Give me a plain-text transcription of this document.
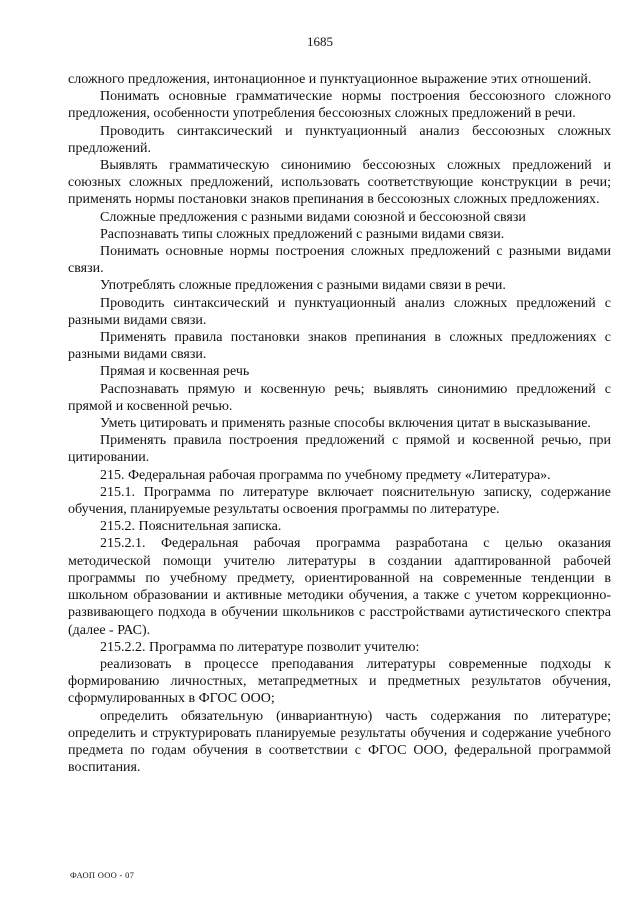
1685

сложного предложения, интонационное и пунктуационное выражение этих отношений.

Понимать основные грамматические нормы построения бессоюзного сложного предложения, особенности употребления бессоюзных сложных предложений в речи.

Проводить синтаксический и пунктуационный анализ бессоюзных сложных предложений.

Выявлять грамматическую синонимию бессоюзных сложных предложений и союзных сложных предложений, использовать соответствующие конструкции в речи; применять нормы постановки знаков препинания в бессоюзных сложных предложениях.

Сложные предложения с разными видами союзной и бессоюзной связи

Распознавать типы сложных предложений с разными видами связи.

Понимать основные нормы построения сложных предложений с разными видами связи.

Употреблять сложные предложения с разными видами связи в речи.

Проводить синтаксический и пунктуационный анализ сложных предложений с разными видами связи.

Применять правила постановки знаков препинания в сложных предложениях с разными видами связи.

Прямая и косвенная речь

Распознавать прямую и косвенную речь; выявлять синонимию предложений с прямой и косвенной речью.

Уметь цитировать и применять разные способы включения цитат в высказывание.

Применять правила построения предложений с прямой и косвенной речью, при цитировании.

215. Федеральная рабочая программа по учебному предмету «Литература».

215.1. Программа по литературе включает пояснительную записку, содержание обучения, планируемые результаты освоения программы по литературе.

215.2. Пояснительная записка.

215.2.1. Федеральная рабочая программа разработана с целью оказания методической помощи учителю литературы в создании адаптированной рабочей программы по учебному предмету, ориентированной на современные тенденции в школьном образовании и активные методики обучения, а также с учетом коррекционно-развивающего подхода в обучении школьников с расстройствами аутистического спектра (далее - РАС).

215.2.2. Программа по литературе позволит учителю:

реализовать в процессе преподавания литературы современные подходы к формированию личностных, метапредметных и предметных результатов обучения, сформулированных в ФГОС ООО;

определить обязательную (инвариантную) часть содержания по литературе; определить и структурировать планируемые результаты обучения и содержание учебного предмета по годам обучения в соответствии с ФГОС ООО, федеральной программой воспитания.

ФАОП ООО - 07
